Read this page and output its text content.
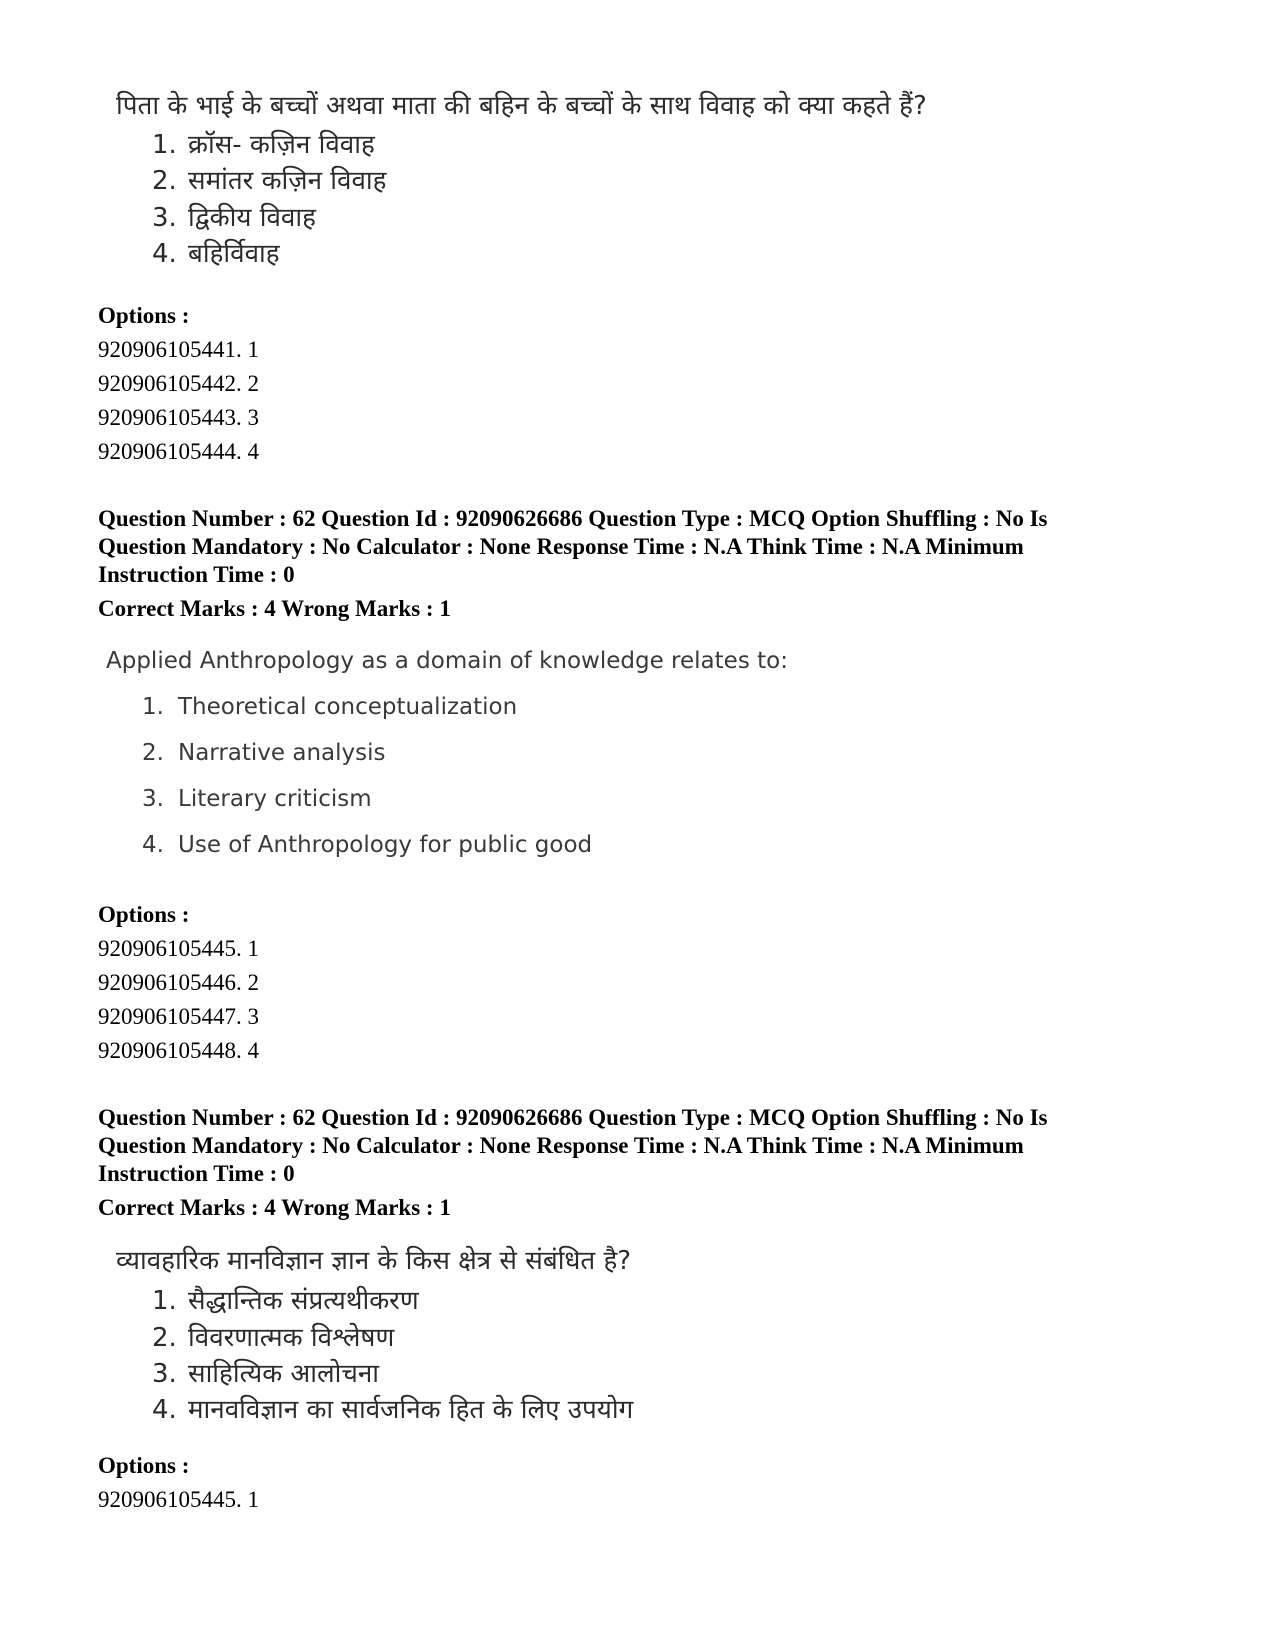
पिता के भाई के बच्चों अथवा माता की बहिन के बच्चों के साथ विवाह को क्या कहते हैं?
1. क्रॉस- कज़िन विवाह
2. समांतर कज़िन विवाह
3. द्विकीय विवाह
4. बहिर्विवाह
Options :
920906105441. 1
920906105442. 2
920906105443. 3
920906105444. 4
Question Number : 62 Question Id : 92090626686 Question Type : MCQ Option Shuffling : No Is
Question Mandatory : No Calculator : None Response Time : N.A Think Time : N.A Minimum
Instruction Time : 0
Correct Marks : 4 Wrong Marks : 1
Applied Anthropology as a domain of knowledge relates to:
1. Theoretical conceptualization
2. Narrative analysis
3. Literary criticism
4. Use of Anthropology for public good
Options :
920906105445. 1
920906105446. 2
920906105447. 3
920906105448. 4
Question Number : 62 Question Id : 92090626686 Question Type : MCQ Option Shuffling : No Is
Question Mandatory : No Calculator : None Response Time : N.A Think Time : N.A Minimum
Instruction Time : 0
Correct Marks : 4 Wrong Marks : 1
व्यावहारिक मानविज्ञान ज्ञान के किस क्षेत्र से संबंधित है?
1. सैद्धान्तिक संप्रत्यथीकरण
2. विवरणात्मक विश्लेषण
3. साहित्यिक आलोचना
4. मानवविज्ञान का सार्वजनिक हित के लिए उपयोग
Options :
920906105445. 1
